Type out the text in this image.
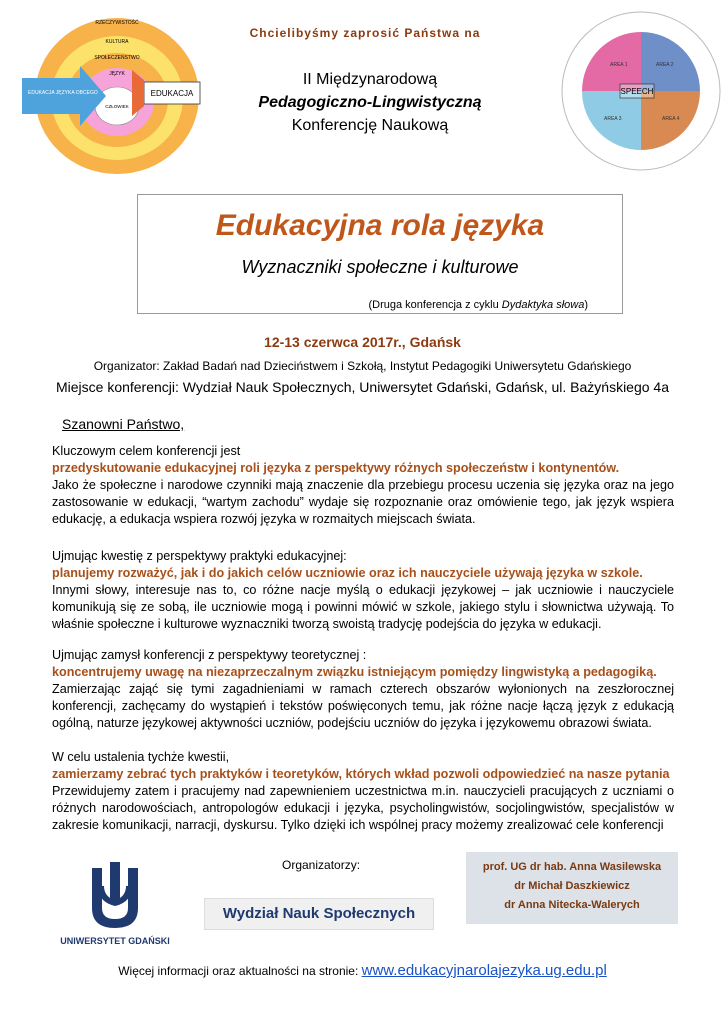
RZECZYWISTOŚĆ
KULTURA
SPOŁECZEŃSTWO
JĘZYK
CZŁOWIEK
EDUKACJA JĘZYKA OBCEGO	EDUKACJA
AREA 1	AREA 2
AREA 3	AREA 4
SPEECH
Chcielibyśmy zaprosić Państwa na
II Międzynarodową
Pedagogiczno-Lingwistyczną
Konferencję Naukową
Edukacyjna rola języka
Wyznaczniki społeczne i kulturowe
(Druga konferencja z cyklu Dydaktyka słowa)
12-13 czerwca 2017r., Gdańsk
Organizator: Zakład Badań nad Dzieciństwem i Szkołą, Instytut Pedagogiki Uniwersytetu Gdańskiego
Miejsce konferencji: Wydział Nauk Społecznych, Uniwersytet Gdański, Gdańsk, ul. Bażyńskiego 4a
Szanowni Państwo,

Kluczowym celem konferencji jest

przedyskutowanie edukacyjnej roli języka z perspektywy różnych społeczeństw i kontynentów.

Jako że społeczne i narodowe czynniki mają znaczenie dla przebiegu procesu uczenia się języka oraz na jego zastosowanie w edukacji, “wartym zachodu” wydaje się rozpoznanie oraz omówienie tego, jak język wspiera edukację, a edukacja wspiera rozwój języka w rozmaitych miejscach świata.

Ujmując kwestię z perspektywy praktyki edukacyjnej:

planujemy rozważyć, jak i do jakich celów uczniowie oraz ich nauczyciele używają języka w szkole.

Innymi słowy, interesuje nas to, co różne nacje myślą o edukacji językowej – jak uczniowie i nauczyciele komunikują się ze sobą, ile uczniowie mogą i powinni mówić w szkole, jakiego stylu i słownictwa używają. To właśnie społeczne i kulturowe wyznaczniki tworzą swoistą tradycję podejścia do języka w edukacji.

Ujmując zamysł konferencji z perspektywy teoretycznej :

koncentrujemy uwagę na niezaprzeczalnym związku istniejącym pomiędzy lingwistyką a pedagogiką.

Zamierzając zająć się tymi zagadnieniami w ramach czterech obszarów wyłonionych na zeszłorocznej konferencji, zachęcamy do wystąpień i tekstów poświęconych temu, jak różne nacje łączą język z edukacją ogólną, naturze językowej aktywności uczniów, podejściu uczniów do języka i językowemu obrazowi świata.

W celu ustalenia tychże kwestii,

zamierzamy zebrać tych praktyków i teoretyków, których wkład pozwoli odpowiedzieć na nasze pytania

Przewidujemy zatem i pracujemy nad zapewnieniem uczestnictwa m.in. nauczycieli pracujących z uczniami o różnych narodowościach, antropologów edukacji i języka, psycholingwistów, socjolingwistów, specjalistów w zakresie komunikacji, narracji, dyskursu. Tylko dzięki ich wspólnej pracy możemy zrealizować cele konferencji

Organizatorzy:
UNIWERSYTET GDAŃSKI
Wydział Nauk Społecznych
prof. UG dr hab. Anna Wasilewska
dr Michał Daszkiewicz
dr Anna Nitecka-Walerych
Więcej informacji oraz aktualności na stronie: www.edukacyjnarolajezyka.ug.edu.pl
